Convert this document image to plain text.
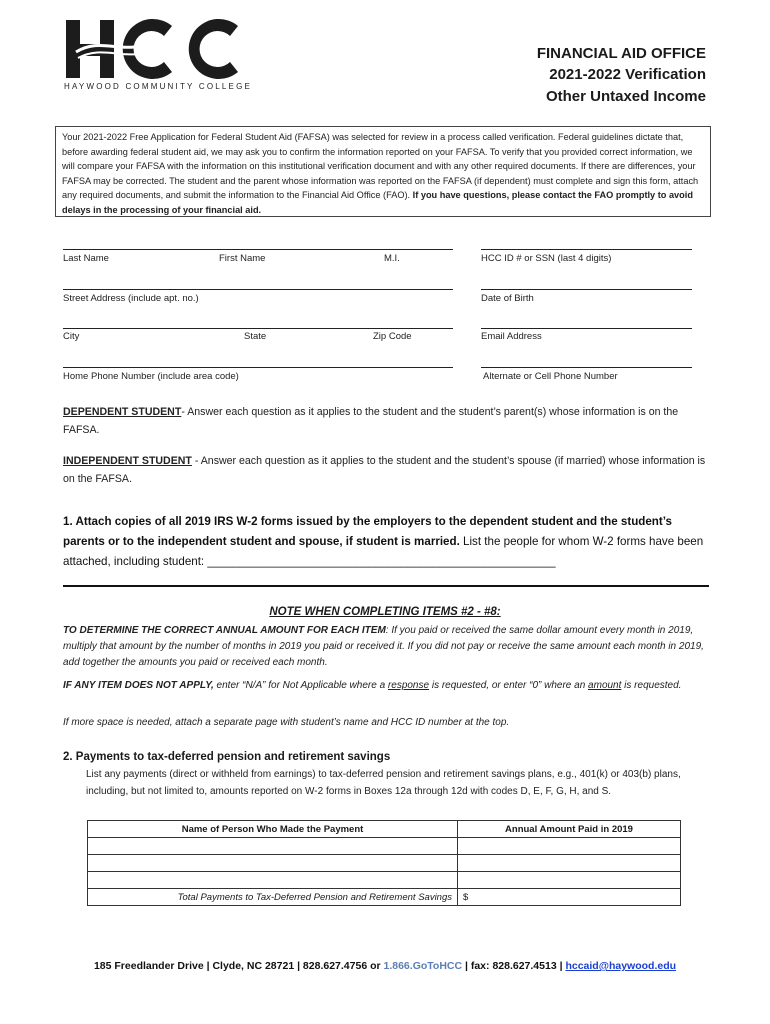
HCC
HAYWOOD COMMUNITY COLLEGE
FINANCIAL AID OFFICE
2021-2022 Verification
Other Untaxed Income
Your 2021-2022 Free Application for Federal Student Aid (FAFSA) was selected for review in a process called verification. Federal guidelines dictate that, before awarding federal student aid, we may ask you to confirm the information reported on your FAFSA. To verify that you provided correct information, we will compare your FAFSA with the information on this institutional verification document and with any other required documents. If there are differences, your FAFSA may be corrected. The student and the parent whose information was reported on the FAFSA (if dependent) must complete and sign this form, attach any required documents, and submit the information to the Financial Aid Office (FAO). If you have questions, please contact the FAO promptly to avoid delays in the processing of your financial aid.
Last Name	First Name	M.I.	HCC ID # or SSN (last 4 digits)
Street Address (include apt. no.)	Date of Birth
City	State	Zip Code	Email Address
Home Phone Number (include area code)	Alternate or Cell Phone Number
DEPENDENT STUDENT- Answer each question as it applies to the student and the student’s parent(s) whose information is on the FAFSA.
INDEPENDENT STUDENT - Answer each question as it applies to the student and the student’s spouse (if married) whose information is on the FAFSA.
1. Attach copies of all 2019 IRS W-2 forms issued by the employers to the dependent student and the student’s parents or to the independent student and spouse, if student is married. List the people for whom W-2 forms have been attached, including student: ______________________________________________________
NOTE WHEN COMPLETING ITEMS #2 - #8:
TO DETERMINE THE CORRECT ANNUAL AMOUNT FOR EACH ITEM: If you paid or received the same dollar amount every month in 2019, multiply that amount by the number of months in 2019 you paid or received it. If you did not pay or receive the same amount each month in 2019, add together the amounts you paid or received each month.
IF ANY ITEM DOES NOT APPLY, enter “N/A” for Not Applicable where a response is requested, or enter “0” where an amount is requested.
If more space is needed, attach a separate page with student’s name and HCC ID number at the top.
2. Payments to tax-deferred pension and retirement savings
List any payments (direct or withheld from earnings) to tax-deferred pension and retirement savings plans, e.g., 401(k) or 403(b) plans, including, but not limited to, amounts reported on W-2 forms in Boxes 12a through 12d with codes D, E, F, G, H, and S.
Name of Person Who Made the Payment	Annual Amount Paid in 2019

Total Payments to Tax-Deferred Pension and Retirement Savings	$
185 Freedlander Drive | Clyde, NC 28721 | 828.627.4756 or 1.866.GoToHCC | fax: 828.627.4513 | hccaid@haywood.edu
